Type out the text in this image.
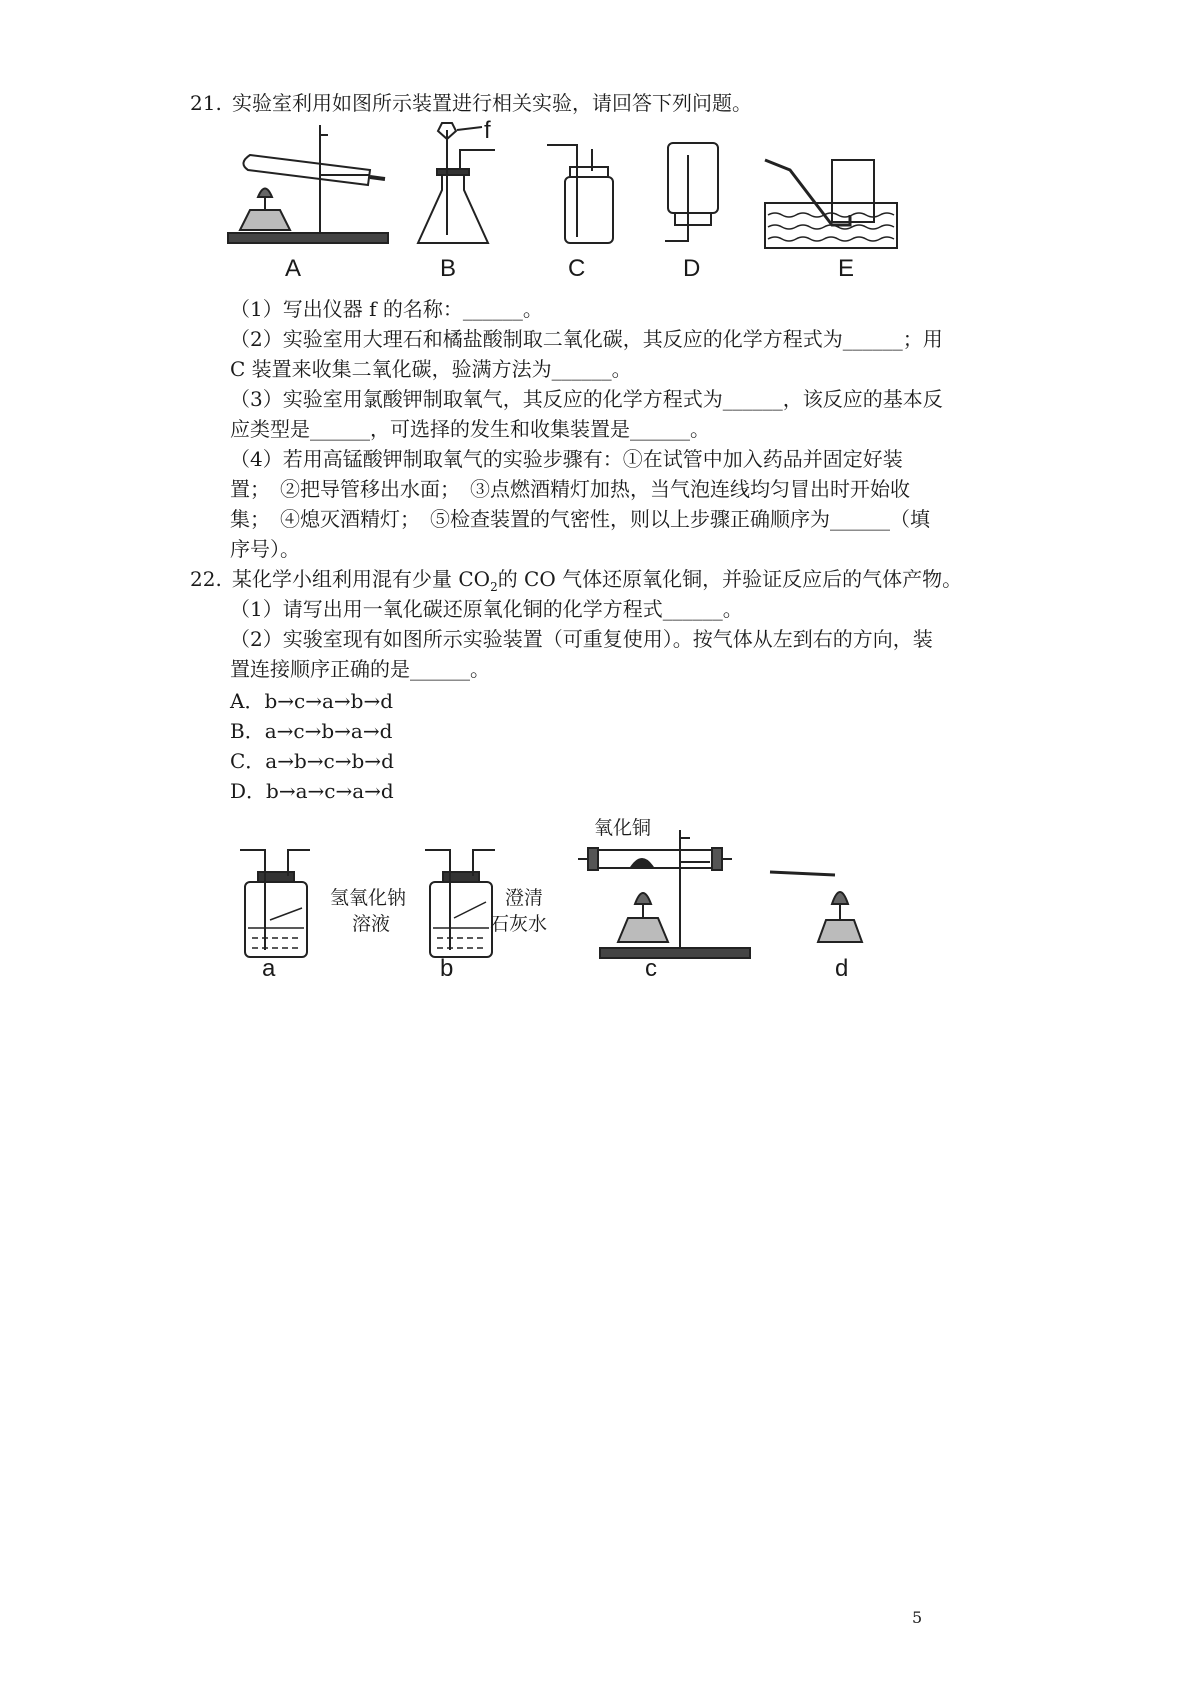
21. 实验室利用如图所示装置进行相关实验，请回答下列问题。
A	B	C	D	E
f
（1）写出仪器 f 的名称：______。
（2）实验室用大理石和橘盐酸制取二氧化碳，其反应的化学方程式为______；用
C 装置来收集二氧化碳，验满方法为______。
（3）实验室用氯酸钾制取氧气，其反应的化学方程式为______，该反应的基本反
应类型是______，可选择的发生和收集装置是______。
（4）若用高锰酸钾制取氧气的实验步骤有：①在试管中加入药品并固定好装
置；　②把导管移出水面；　③点燃酒精灯加热，当气泡连线均匀冒出时开始收
集；　④熄灭酒精灯；　⑤检查装置的气密性，则以上步骤正确顺序为______（填
序号）。
22. 某化学小组利用混有少量 $CO_2$的 CO 气体还原氧化铜，并验证反应后的气体产物。
（1）请写出用一氧化碳还原氧化铜的化学方程式______。
（2）实骏室现有如图所示实验装置（可重复使用）。按气体从左到右的方向，装
置连接顺序正确的是______。
A．b→c→a→b→d
B．a→c→b→a→d
C．a→b→c→b→d
D．b→a→c→a→d
氢氧化钠
溶液
澄清
石灰水
氧化铜
a	b	c	d
5
